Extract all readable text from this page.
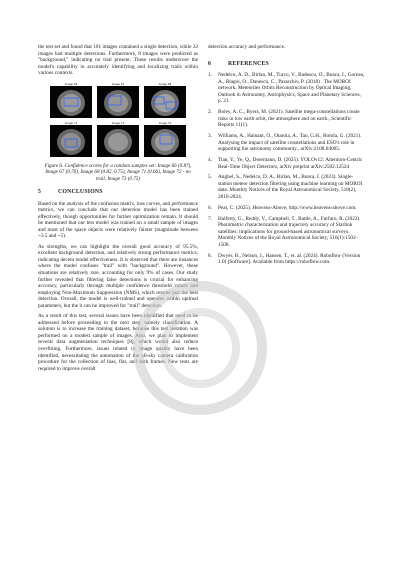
the test set and found that 101 images contained a single detection, while 32 images had multiple detections. Furthermore, 8 images were predicted as "background," indicating no trail present. These results underscore the model's capability in accurately identifying and localizing trails within various contexts.

Image 66	Image 67	Image 68
Image 71	Image 72	Image 73

Figure 6. Confidence scores for a random samples set: Image 66 (0.87), Image 67 (0.76), Image 68 (0.82, 0.75), Image 71 (0.66), Image 72 - no trail, Image 73 (0.75)

5	CONCLUSIONS

Based on the analysis of the confusion matrix, loss curves, and performance metrics, we can conclude that our detection model has been trained effectively, though opportunities for further optimization remain. It should be mentioned that our test model was trained on a small sample of images and most of the space objects were relatively fainter (magnitude between ~3.5 and ~5).

As strengths, we can highlight the overall good accuracy of 95.5%, excellent background detection, and relatively strong performance metrics, indicating decent model effectiveness. It is observed that there are instances where the model confuses "trail" with "background". However, these situations are relatively rare, accounting for only 9% of cases. Our study further revealed that filtering false detections is crucial for enhancing accuracy, particularly through multiple confidence threshold values and employing Non-Maximum Suppression (NMS), which retains just the best detection. Overall, the model is well-trained and operates within optimal parameters, but the it can be improved for "trail" detection.

As a result of this test, several issues have been identified that need to be addressed before proceeding to the next step, namely classification. A solution is to increase the training dataset, because this test iteration was performed on a modest sample of images. Also, we plan to implement several data augmentation techniques [8], which would also reduce overfitting. Furthermore, issues related to image quality have been identified, necessitating the automation of the all-sky camera calibration procedure for the collection of bias, flat, and dark frames. New tests are required to improve overall

detection accuracy and performance.

6	REFERENCES
1. Nedelcu, A. D., Birlan, M., Turcu, V., Badescu, O., Boaca, I., Gornea, A., Blagoi, O., Danescu, C., Paraschiv, P. (2018) . The MOROI network. Meteorites Orbits Reconstruction by Optical Imaging, Outlook in Astronomy, Astrophysics, Space and Planetary Sciences, p. 21.
2. Boley, A. C., Byers, M. (2021). Satellite mega-constellations create risks in low earth orbit, the atmosphere and on earth., Scientific Reports 11(1).
3. Williams, A., Hainaut, O., Otarola, A., Tan, G.H., Rotola, G. (2021). Analysing the impact of satellite constellations and ESO's role in supporting the astronomy community., arXiv:2108.04005.
4. Tian, Y., Ye, Q., Doermann, D. (2025). YOLOv12: Attention-Centric Real-Time Object Detectors, arXiv preprint arXiv:2502.12524
5. Anghel, S., Nedelcu, D. A., Birlan, M., Boaca, I. (2023). Single-station meteor detection filtering using machine learning on MOROI data. Monthly Notices of the Royal Astronomical Society, 518(2), 2810-2824.
6. Peat, C. (2025). Heavens-Above, http://www.heavens-above.com.
7. Halferty, G., Reddy, V., Campbell, T., Battle, A., Furfaro, R. (2022). Photometric characterization and trajectory accuracy of Starlink satellites: implications for ground-based astronomical surveys. Monthly Notices of the Royal Astronomical Society, 516(1):1502–1508.
8. Dwyer, B., Nelson, J., Hansen, T., et. al. (2024). Roboflow (Version 1.0) [Software]. Available from https://roboflow.com.
